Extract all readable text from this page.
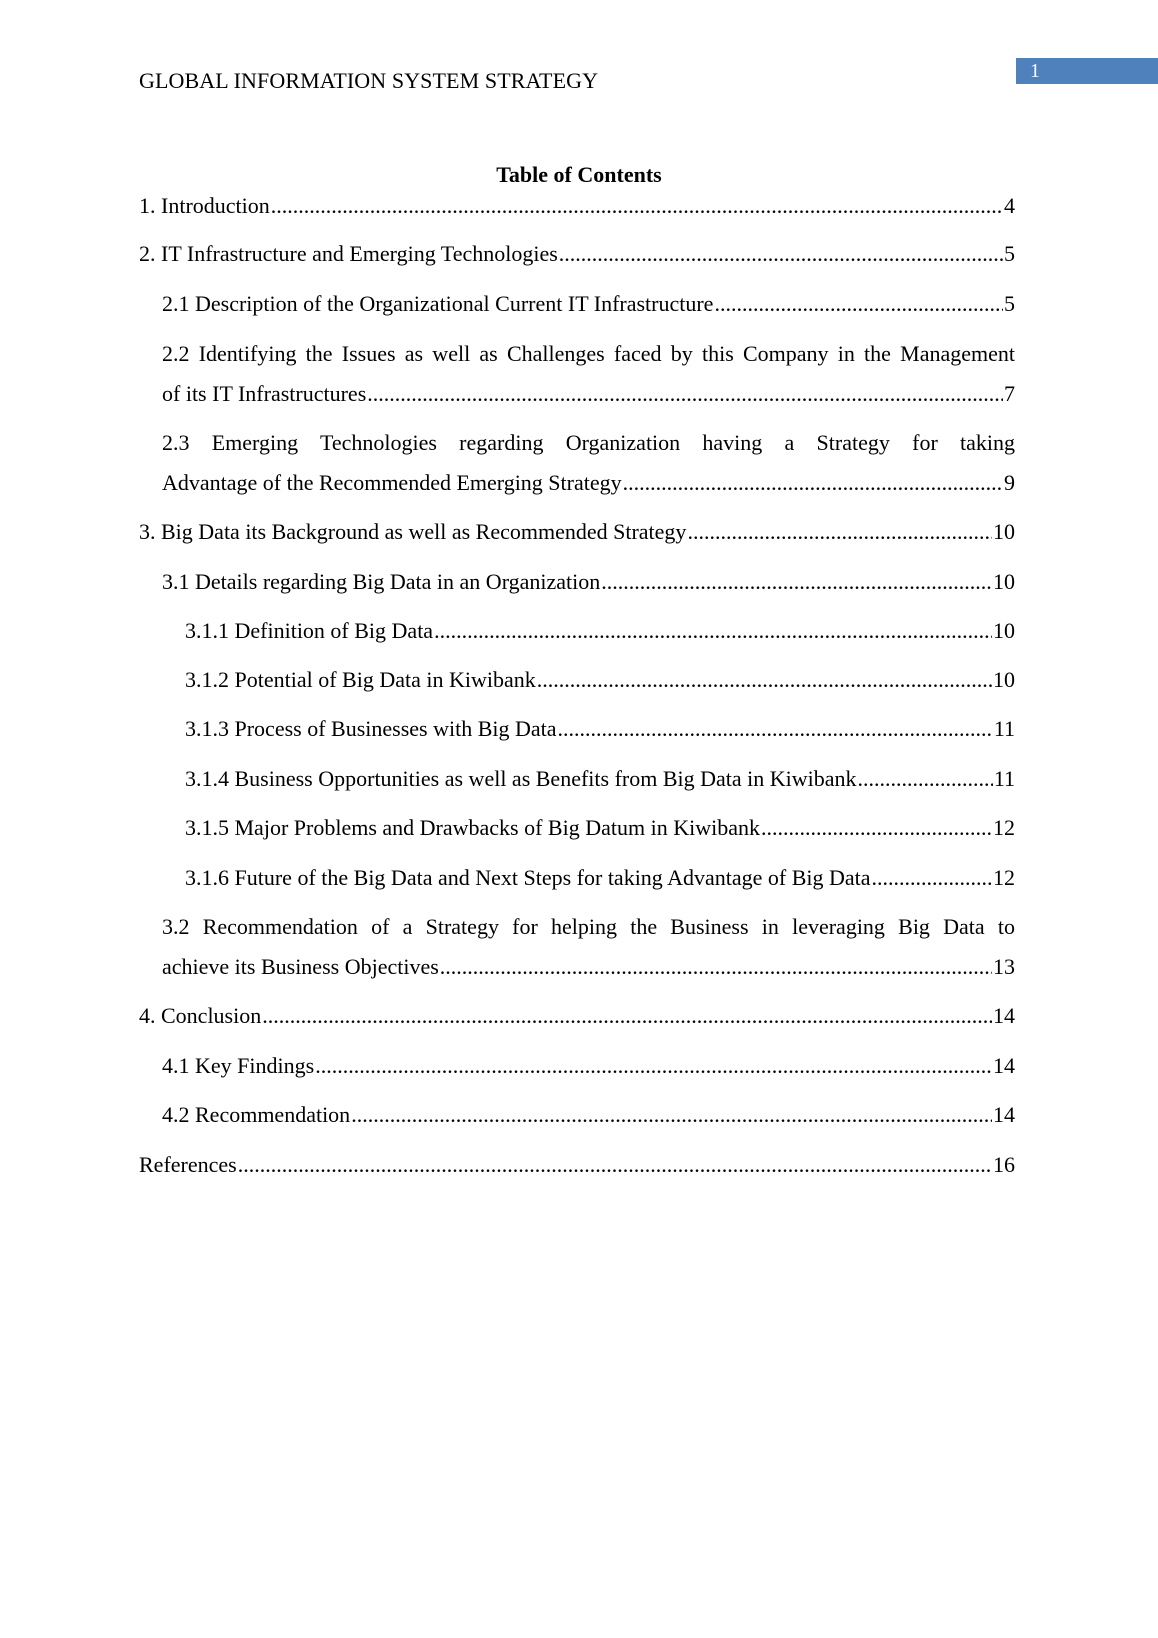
GLOBAL INFORMATION SYSTEM STRATEGY	1
Table of Contents
1. Introduction .....	4
2. IT Infrastructure and Emerging Technologies .....	5
2.1 Description of the Organizational Current IT Infrastructure .....	5
2.2 Identifying the Issues as well as Challenges faced by this Company in the Management
of its IT Infrastructures .....	7
2.3 Emerging Technologies regarding Organization having a Strategy for taking
Advantage of the Recommended Emerging Strategy .....	9
3. Big Data its Background as well as Recommended Strategy .....	10
3.1 Details regarding Big Data in an Organization .....	10
3.1.1 Definition of Big Data .....	10
3.1.2 Potential of Big Data in Kiwibank .....	10
3.1.3 Process of Businesses with Big Data .....	11
3.1.4 Business Opportunities as well as Benefits from Big Data in Kiwibank .....	11
3.1.5 Major Problems and Drawbacks of Big Datum in Kiwibank .....	12
3.1.6 Future of the Big Data and Next Steps for taking Advantage of Big Data .....	12
3.2 Recommendation of a Strategy for helping the Business in leveraging Big Data to
achieve its Business Objectives .....	13
4. Conclusion .....	14
4.1 Key Findings .....	14
4.2 Recommendation .....	14
References .....	16
